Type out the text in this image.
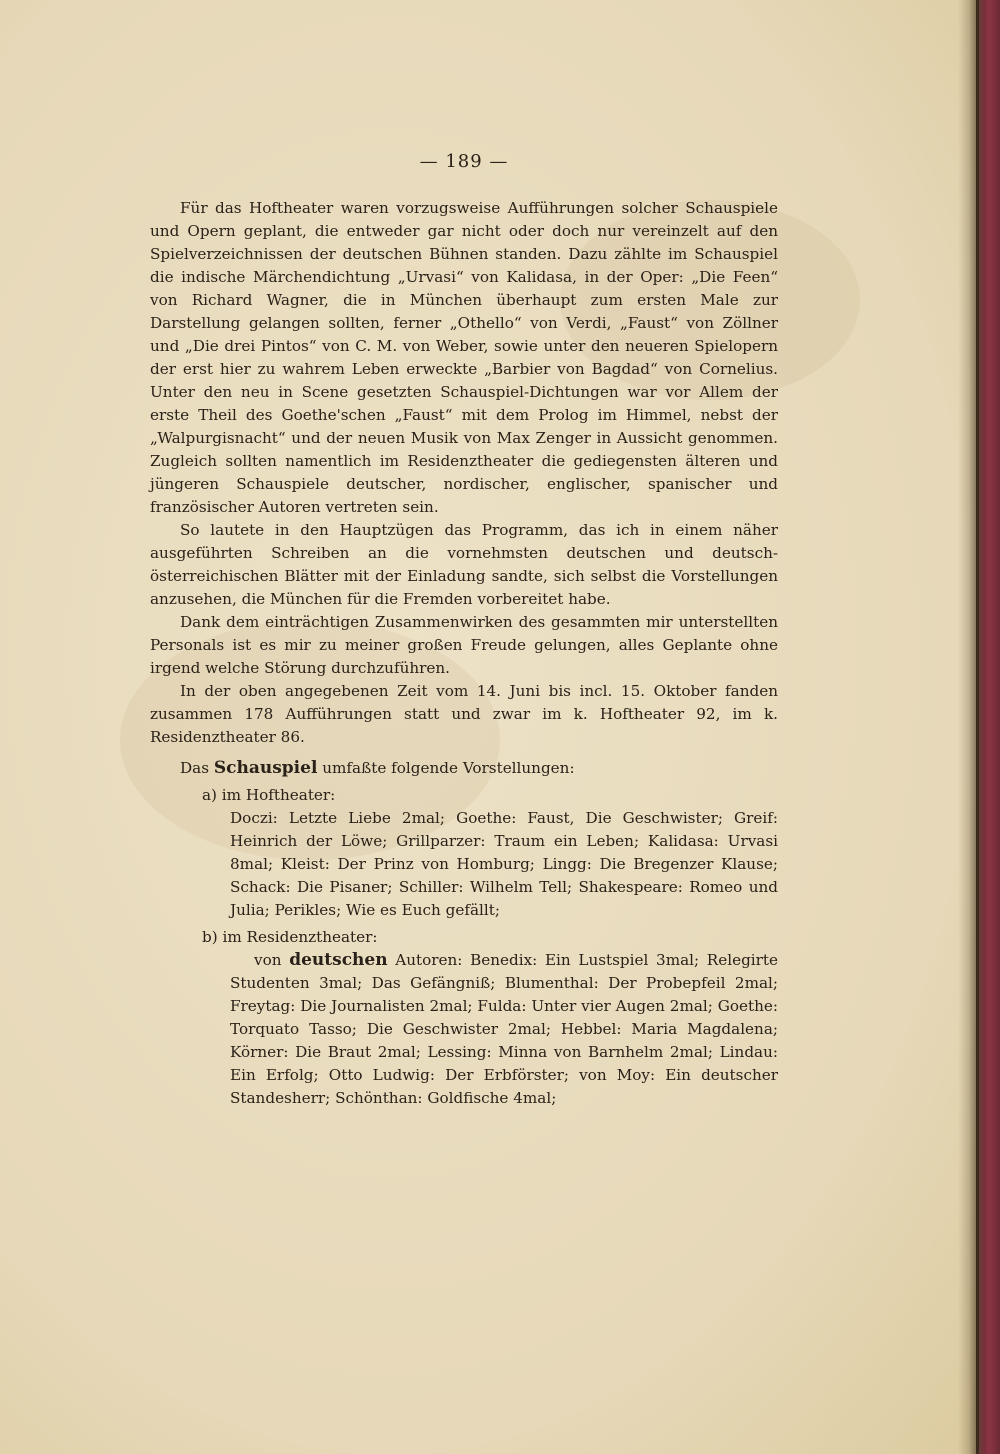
— 189 —

Für das Hoftheater waren vorzugsweise Aufführungen solcher Schauspiele und Opern geplant, die entweder gar nicht oder doch nur vereinzelt auf den Spielverzeichnissen der deutschen Bühnen standen. Dazu zählte im Schauspiel die indische Märchendichtung „Urvasi“ von Kalidasa, in der Oper: „Die Feen“ von Richard Wagner, die in München überhaupt zum ersten Male zur Darstellung gelangen sollten, ferner „Othello“ von Verdi, „Faust“ von Zöllner und „Die drei Pintos“ von C. M. von Weber, sowie unter den neueren Spielopern der erst hier zu wahrem Leben erweckte „Barbier von Bagdad“ von Cornelius. Unter den neu in Scene gesetzten Schauspiel-Dichtungen war vor Allem der erste Theil des Goethe'schen „Faust“ mit dem Prolog im Himmel, nebst der „Walpurgisnacht“ und der neuen Musik von Max Zenger in Aussicht genommen. Zugleich sollten namentlich im Residenztheater die gediegensten älteren und jüngeren Schauspiele deutscher, nordischer, englischer, spanischer und französischer Autoren vertreten sein.

So lautete in den Hauptzügen das Programm, das ich in einem näher ausgeführten Schreiben an die vornehmsten deutschen und deutsch-österreichischen Blätter mit der Einladung sandte, sich selbst die Vorstellungen anzusehen, die München für die Fremden vorbereitet habe.

Dank dem einträchtigen Zusammenwirken des gesammten mir unterstellten Personals ist es mir zu meiner großen Freude gelungen, alles Geplante ohne irgend welche Störung durchzuführen.

In der oben angegebenen Zeit vom 14. Juni bis incl. 15. Oktober fanden zusammen 178 Aufführungen statt und zwar im k. Hoftheater 92, im k. Residenztheater 86.

Das Schauspiel umfaßte folgende Vorstellungen:

a) im Hoftheater:

Doczi: Letzte Liebe 2mal; Goethe: Faust, Die Geschwister; Greif: Heinrich der Löwe; Grillparzer: Traum ein Leben; Kalidasa: Urvasi 8mal; Kleist: Der Prinz von Homburg; Lingg: Die Bregenzer Klause; Schack: Die Pisaner; Schiller: Wilhelm Tell; Shakespeare: Romeo und Julia; Perikles; Wie es Euch gefällt;

b) im Residenztheater:

von deutschen Autoren: Benedix: Ein Lustspiel 3mal; Relegirte Studenten 3mal; Das Gefängniß; Blumenthal: Der Probepfeil 2mal; Freytag: Die Journalisten 2mal; Fulda: Unter vier Augen 2mal; Goethe: Torquato Tasso; Die Geschwister 2mal; Hebbel: Maria Magdalena; Körner: Die Braut 2mal; Lessing: Minna von Barnhelm 2mal; Lindau: Ein Erfolg; Otto Ludwig: Der Erbförster; von Moy: Ein deutscher Standesherr; Schönthan: Goldfische 4mal;
